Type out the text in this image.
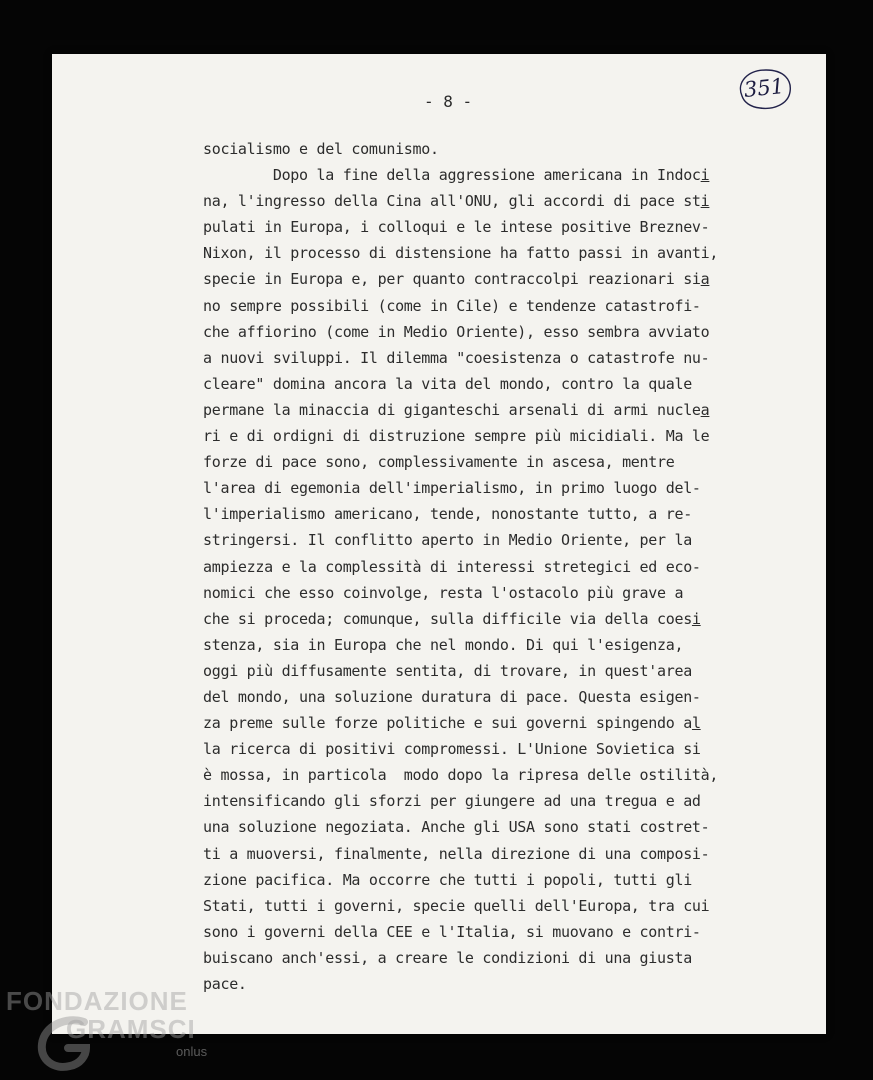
- 8 -	351
socialismo e del comunismo.
Dopo la fine della aggressione americana in Indoci
na, l'ingresso della Cina all'ONU, gli accordi di pace sti
pulati in Europa, i colloqui e le intese positive Breznev-
Nixon, il processo di distensione ha fatto passi in avanti,
specie in Europa e, per quanto contraccolpi reazionari sia
no sempre possibili (come in Cile) e tendenze catastrofi-
che affiorino (come in Medio Oriente), esso sembra avviato
a nuovi sviluppi. Il dilemma "coesistenza o catastrofe nu-
cleare" domina ancora la vita del mondo, contro la quale
permane la minaccia di giganteschi arsenali di armi nuclea
ri e di ordigni di distruzione sempre più micidiali. Ma le
forze di pace sono, complessivamente in ascesa, mentre
l'area di egemonia dell'imperialismo, in primo luogo del-
l'imperialismo americano, tende, nonostante tutto, a re-
stringersi. Il conflitto aperto in Medio Oriente, per la
ampiezza e la complessità di interessi stretegici ed eco-
nomici che esso coinvolge, resta l'ostacolo più grave a
che si proceda; comunque, sulla difficile via della coesi
stenza, sia in Europa che nel mondo. Di qui l'esigenza,
oggi più diffusamente sentita, di trovare, in quest'area
del mondo, una soluzione duratura di pace. Questa esigen-
za preme sulle forze politiche e sui governi spingendo al
la ricerca di positivi compromessi. L'Unione Sovietica si
è mossa, in particola  modo dopo la ripresa delle ostilità,
intensificando gli sforzi per giungere ad una tregua e ad
una soluzione negoziata. Anche gli USA sono stati costret-
ti a muoversi, finalmente, nella direzione di una composi-
zione pacifica. Ma occorre che tutti i popoli, tutti gli
Stati, tutti i governi, specie quelli dell'Europa, tra cui
sono i governi della CEE e l'Italia, si muovano e contri-
buiscano anch'essi, a creare le condizioni di una giusta
pace.
FONDAZIONE
GRAMSCI
onlus
